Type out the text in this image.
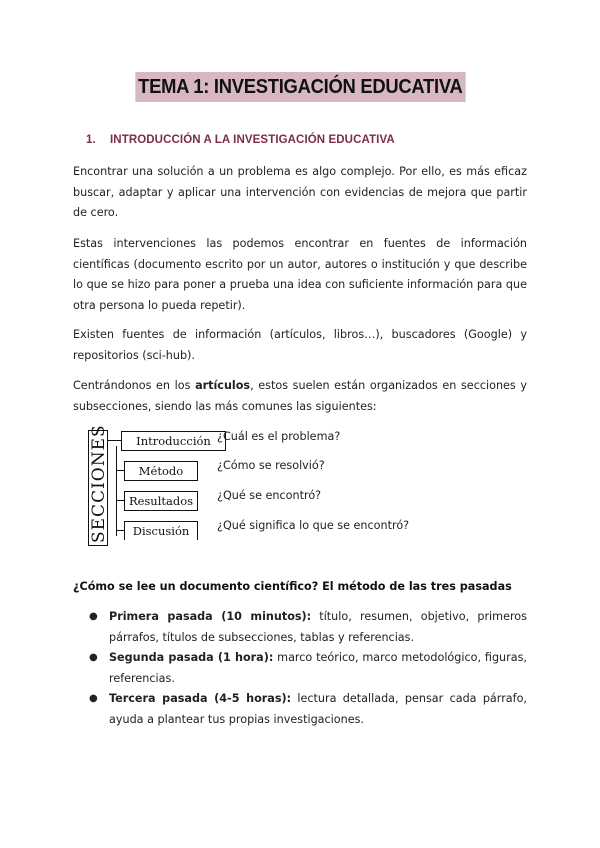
TEMA 1: INVESTIGACIÓN EDUCATIVA
1. INTRODUCCIÓN A LA INVESTIGACIÓN EDUCATIVA
Encontrar una solución a un problema es algo complejo. Por ello, es más eficaz buscar, adaptar y aplicar una intervención con evidencias de mejora que partir de cero.
Estas intervenciones las podemos encontrar en fuentes de información científicas (documento escrito por un autor, autores o institución y que describe lo que se hizo para poner a prueba una idea con suficiente información para que otra persona lo pueda repetir).
Existen fuentes de información (artículos, libros…), buscadores (Google) y repositorios (sci-hub).
Centrándonos en los artículos, estos suelen están organizados en secciones y subsecciones, siendo las más comunes las siguientes:
SECCIONES	Introducción
Método
Resultados
Discusión
¿Cuál es el problema?
¿Cómo se resolvió?
¿Qué se encontró?
¿Qué significa lo que se encontró?
¿Cómo se lee un documento científico? El método de las tres pasadas
● Primera pasada (10 minutos): título, resumen, objetivo, primeros párrafos, títulos de subsecciones, tablas y referencias.
● Segunda pasada (1 hora): marco teórico, marco metodológico, figuras, referencias.
● Tercera pasada (4-5 horas): lectura detallada, pensar cada párrafo, ayuda a plantear tus propias investigaciones.
